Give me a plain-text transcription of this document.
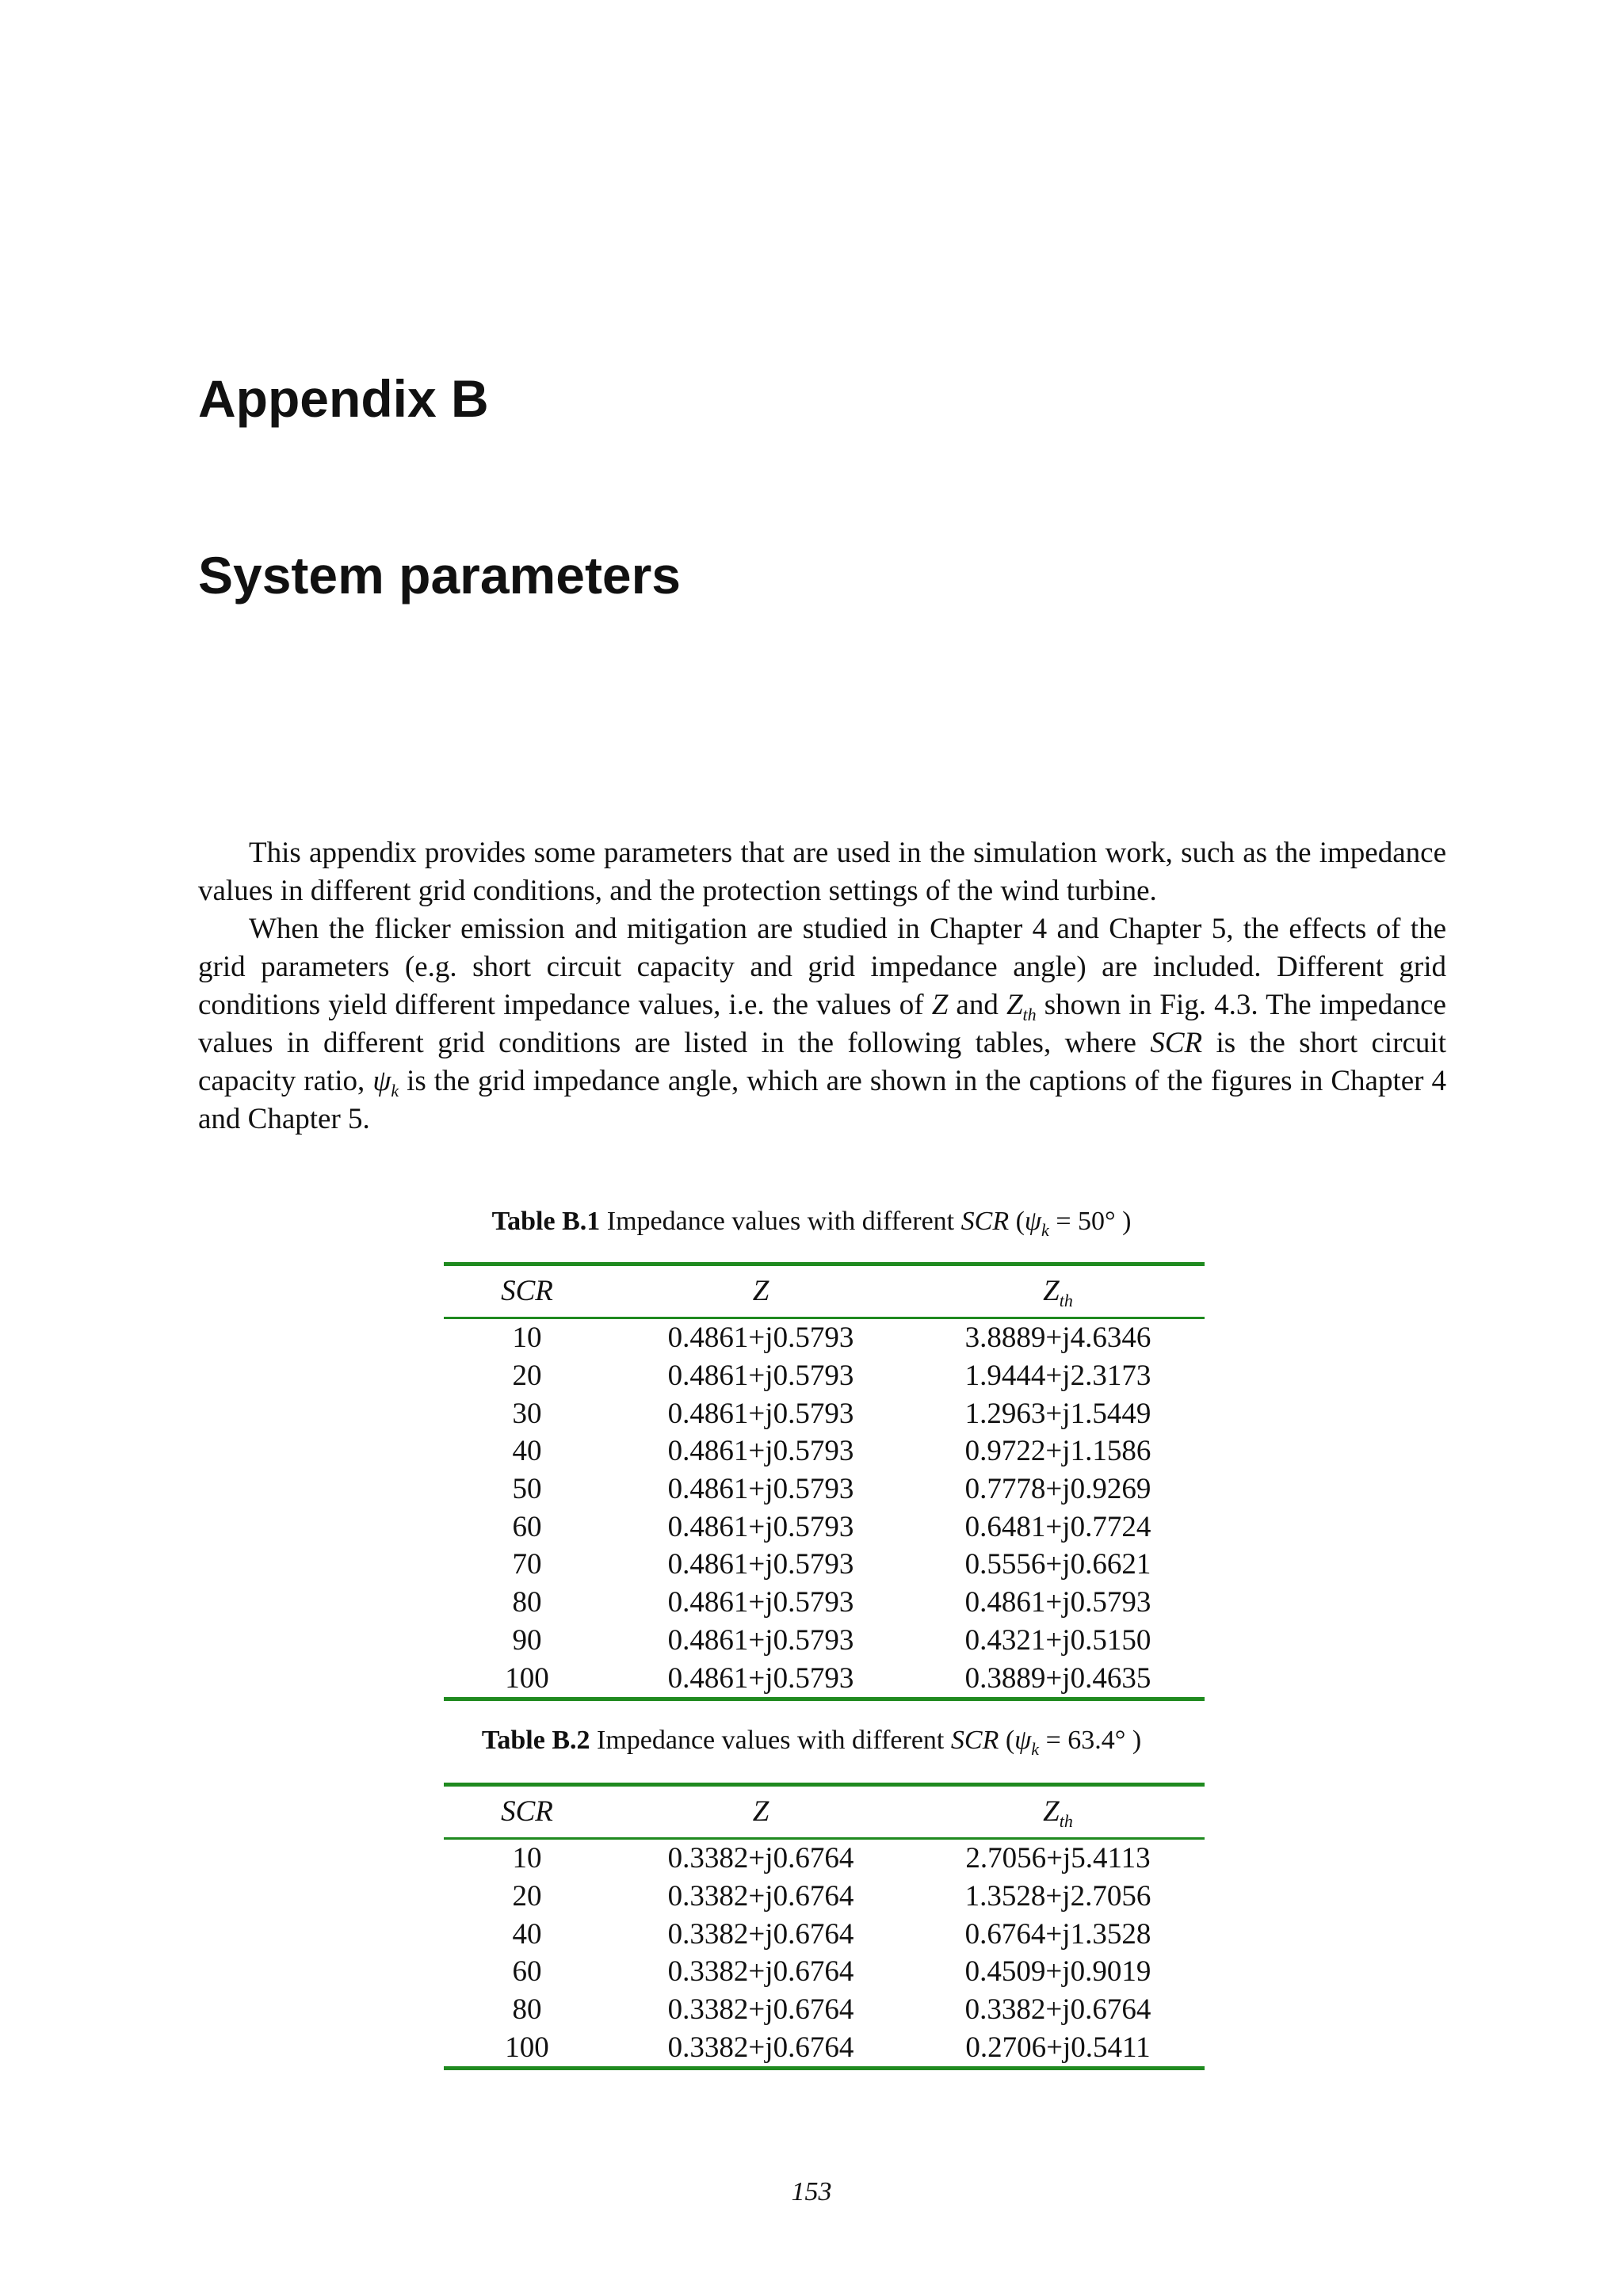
Appendix B
System parameters

This appendix provides some parameters that are used in the simulation work, such as the impedance values in different grid conditions, and the protection settings of the wind turbine.

When the flicker emission and mitigation are studied in Chapter 4 and Chapter 5, the effects of the grid parameters (e.g. short circuit capacity and grid impedance angle) are included. Different grid conditions yield different impedance values, i.e. the values of Z and $Z_{th}$ shown in Fig. 4.3. The impedance values in different grid conditions are listed in the following tables, where SCR is the short circuit capacity ratio, $\psi_k$ is the grid impedance angle, which are shown in the captions of the figures in Chapter 4 and Chapter 5.

Table B.1 Impedance values with different SCR ($\psi_k = 50^\circ$ )
SCR	Z	$Z_{th}$
10	0.4861+j0.5793	3.8889+j4.6346
20	0.4861+j0.5793	1.9444+j2.3173
30	0.4861+j0.5793	1.2963+j1.5449
40	0.4861+j0.5793	0.9722+j1.1586
50	0.4861+j0.5793	0.7778+j0.9269
60	0.4861+j0.5793	0.6481+j0.7724
70	0.4861+j0.5793	0.5556+j0.6621
80	0.4861+j0.5793	0.4861+j0.5793
90	0.4861+j0.5793	0.4321+j0.5150
100	0.4861+j0.5793	0.3889+j0.4635
Table B.2 Impedance values with different SCR ($\psi_k = 63.4^\circ$ )
SCR	Z	$Z_{th}$
10	0.3382+j0.6764	2.7056+j5.4113
20	0.3382+j0.6764	1.3528+j2.7056
40	0.3382+j0.6764	0.6764+j1.3528
60	0.3382+j0.6764	0.4509+j0.9019
80	0.3382+j0.6764	0.3382+j0.6764
100	0.3382+j0.6764	0.2706+j0.5411
153
